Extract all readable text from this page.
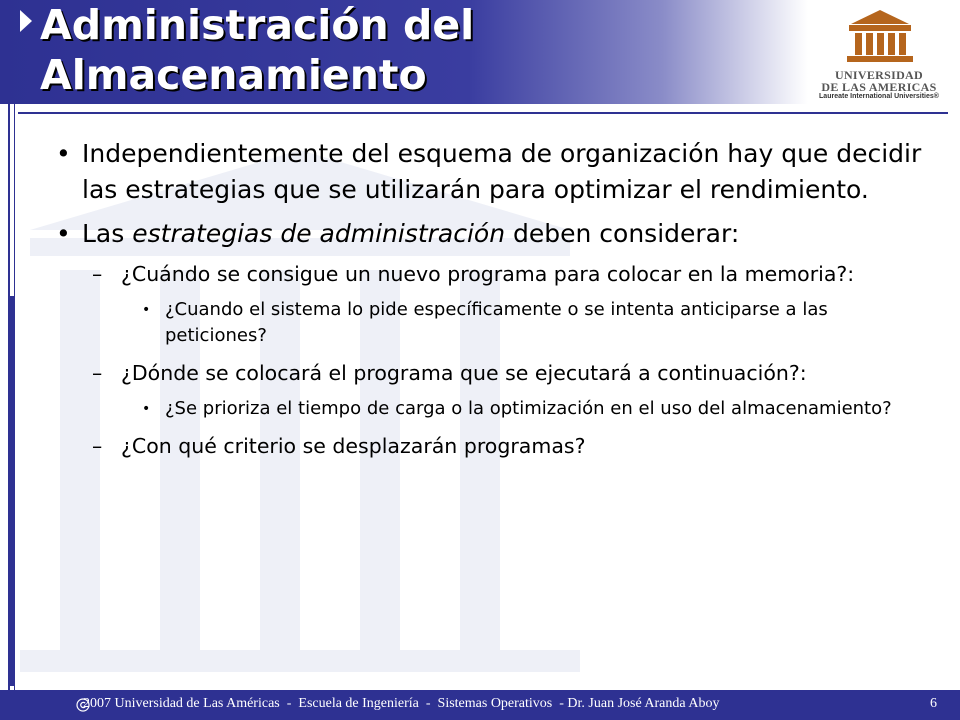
Administración del
Almacenamiento	UNIVERSIDAD
DE LAS AMERICAS
Laureate International Universities®
• Independientemente del esquema de organización hay que decidir las estrategias que se utilizarán para optimizar el rendimiento.
• Las estrategias de administración deben considerar:
– ¿Cuándo se consigue un nuevo programa para colocar en la memoria?:
• ¿Cuando el sistema lo pide específicamente o se intenta anticiparse a las peticiones?
– ¿Dónde se colocará el programa que se ejecutará a continuación?:
• ¿Se prioriza el tiempo de carga o la optimización en el uso del almacenamiento?
– ¿Con qué criterio se desplazarán programas?
2007 Universidad de Las Américas  -  Escuela de Ingeniería  -  Sistemas Operativos  - Dr. Juan José Aranda Aboy	6
